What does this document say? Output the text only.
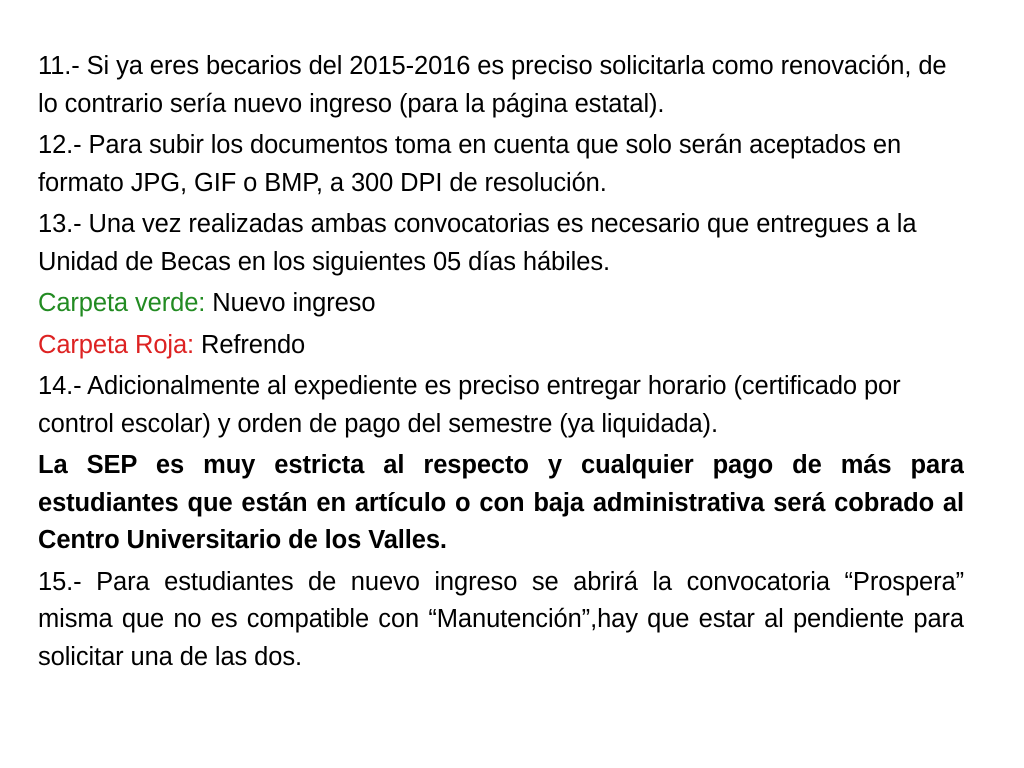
11.- Si ya eres becarios del 2015-2016 es preciso solicitarla como renovación, de lo contrario sería nuevo ingreso (para la página estatal).

12.- Para subir los documentos toma en cuenta que solo serán aceptados en formato JPG, GIF o BMP, a 300 DPI de resolución.

13.- Una vez realizadas ambas convocatorias es necesario que entregues a la Unidad de Becas en los siguientes 05 días hábiles.

Carpeta verde: Nuevo ingreso

Carpeta Roja: Refrendo

14.- Adicionalmente al expediente es preciso entregar horario (certificado por control escolar) y orden de pago del semestre (ya liquidada).

La SEP es muy estricta al respecto y cualquier pago de más para estudiantes que están en artículo o con baja administrativa será cobrado al Centro Universitario de los Valles.

15.- Para estudiantes de nuevo ingreso se abrirá la convocatoria “Prospera” misma que no es compatible con “Manutención”,hay que estar al pendiente para solicitar una de las dos.
